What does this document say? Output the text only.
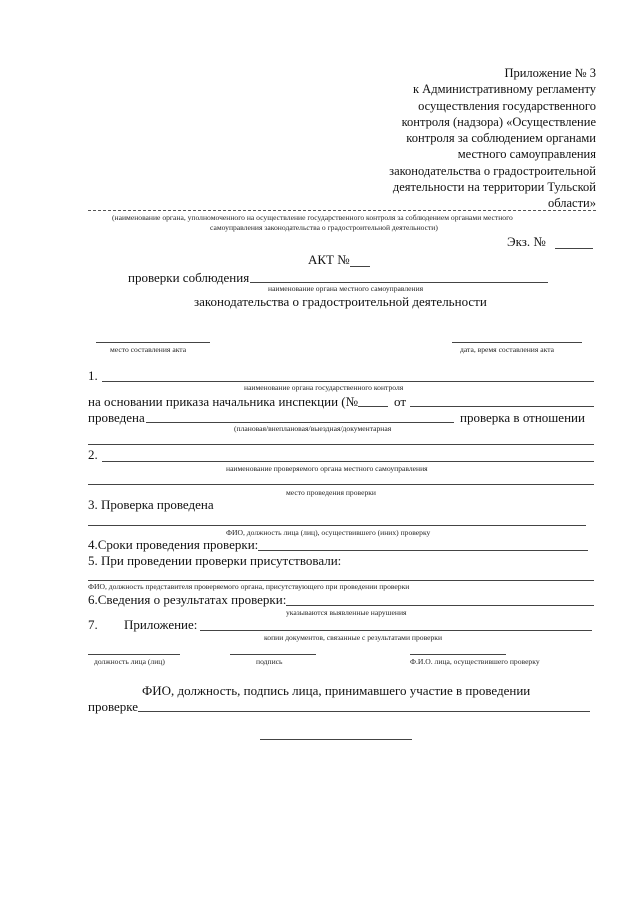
Приложение № 3
к Административному регламенту
осуществления государственного
контроля (надзора) «Осуществление
контроля за соблюдением органами
местного самоуправления
законодательства о градостроительной
деятельности на территории Тульской
области»
(наименование органа, уполномоченного на осуществление государственного контроля за соблюдением органами местного
самоуправления законодательства о градостроительной деятельности)
Экз. №
АКТ №
проверки соблюдения
наименование органа местного самоуправления
законодательства о градостроительной деятельности
место составления акта	дата, время составления акта
1.
наименование органа государственного контроля
на основании приказа начальника инспекции (№	от
проведена	проверка в отношении
(плановая/внеплановая/выездная/документарная
2.
наименование проверяемого органа местного самоуправления
место проведения проверки
3. Проверка проведена
ФИО, должность лица (лиц), осуществившего (иних) проверку
4.Сроки проведения проверки:
5. При проведении проверки присутствовали:
ФИО, должность представителя проверяемого органа, присутствующего при проведении проверки
6.Сведения о результатах проверки:
указываются выявленные нарушения
7. Приложение:
копии документов, связанные с результатами проверки
должность лица (лиц)	подпись	Ф.И.О. лица, осуществившего проверку
ФИО, должность, подпись лица, принимавшего участие в проведении
проверке
